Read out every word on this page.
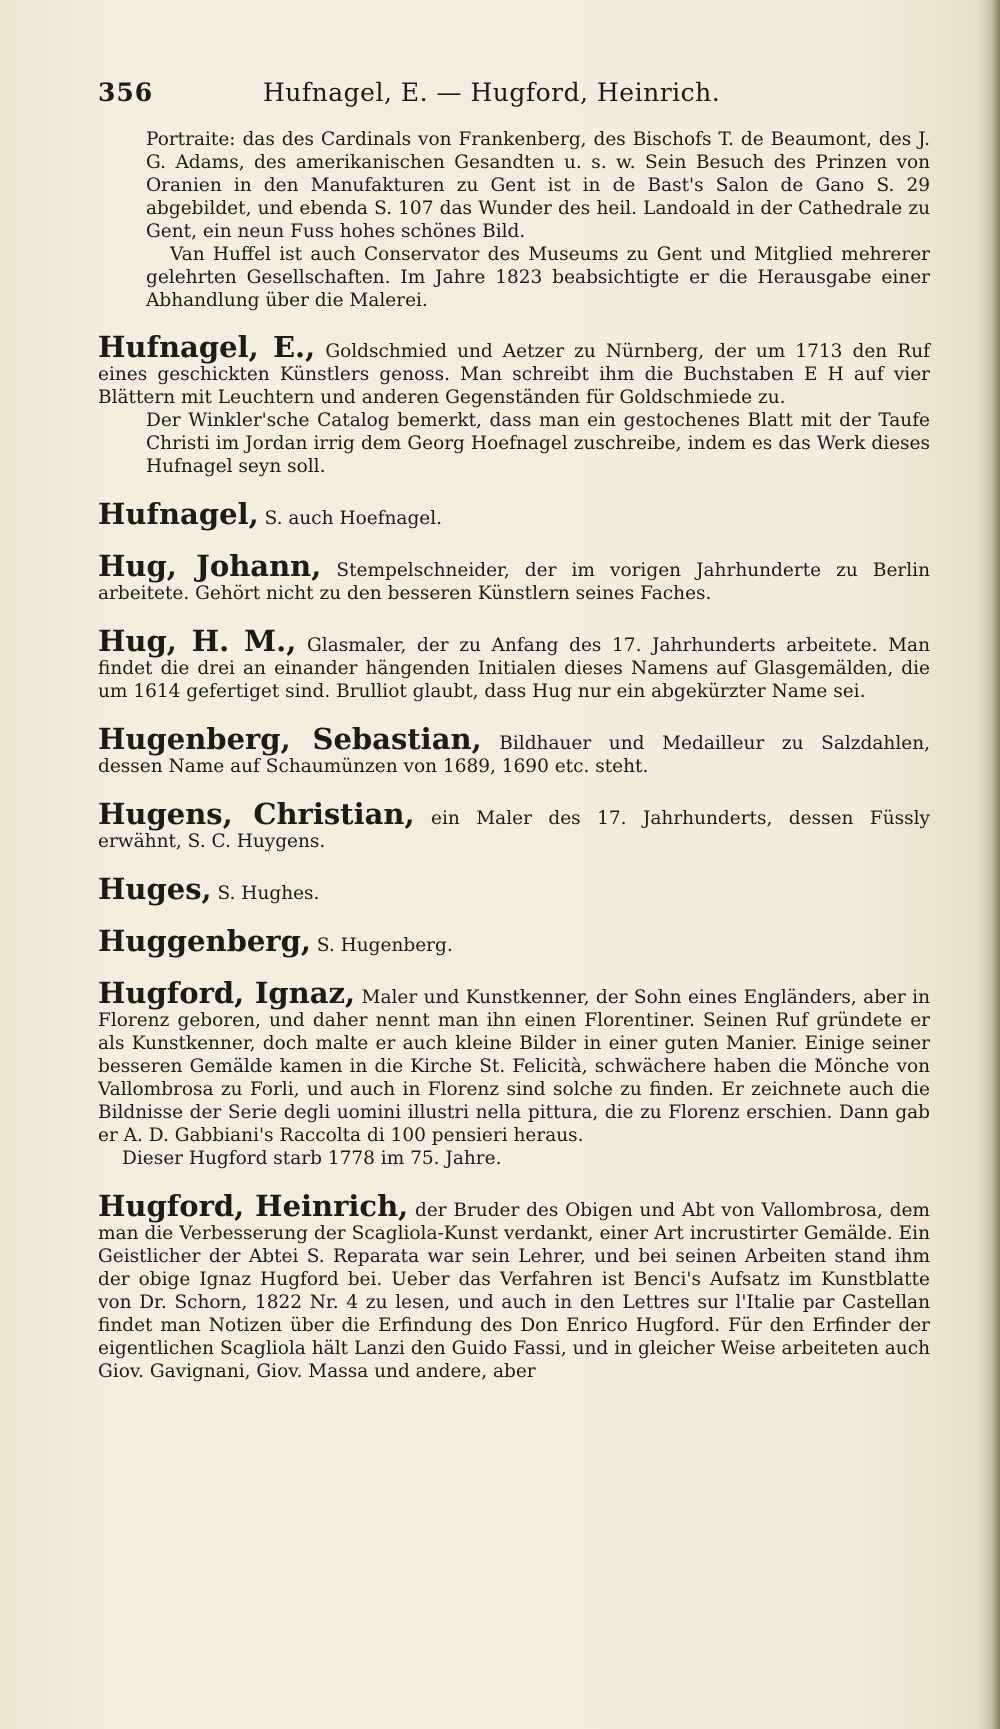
356	Hufnagel, E. — Hugford, Heinrich.

Portraite: das des Cardinals von Frankenberg, des Bischofs T. de Beaumont, des J. G. Adams, des amerikanischen Gesandten u. s. w. Sein Besuch des Prinzen von Oranien in den Manufakturen zu Gent ist in de Bast's Salon de Gano S. 29 abgebildet, und ebenda S. 107 das Wunder des heil. Landoald in der Cathedrale zu Gent, ein neun Fuss hohes schönes Bild.

Van Huffel ist auch Conservator des Museums zu Gent und Mitglied mehrerer gelehrten Gesellschaften. Im Jahre 1823 beabsichtigte er die Herausgabe einer Abhandlung über die Malerei.

Hufnagel, E., Goldschmied und Aetzer zu Nürnberg, der um 1713 den Ruf eines geschickten Künstlers genoss. Man schreibt ihm die Buchstaben E H auf vier Blättern mit Leuchtern und anderen Gegenständen für Goldschmiede zu.

Der Winkler'sche Catalog bemerkt, dass man ein gestochenes Blatt mit der Taufe Christi im Jordan irrig dem Georg Hoefnagel zuschreibe, indem es das Werk dieses Hufnagel seyn soll.

Hufnagel, S. auch Hoefnagel.

Hug, Johann, Stempelschneider, der im vorigen Jahrhunderte zu Berlin arbeitete. Gehört nicht zu den besseren Künstlern seines Faches.

Hug, H. M., Glasmaler, der zu Anfang des 17. Jahrhunderts arbeitete. Man findet die drei an einander hängenden Initialen dieses Namens auf Glasgemälden, die um 1614 gefertiget sind. Brulliot glaubt, dass Hug nur ein abgekürzter Name sei.

Hugenberg, Sebastian, Bildhauer und Medailleur zu Salzdahlen, dessen Name auf Schaumünzen von 1689, 1690 etc. steht.

Hugens, Christian, ein Maler des 17. Jahrhunderts, dessen Füssly erwähnt, S. C. Huygens.

Huges, S. Hughes.

Huggenberg, S. Hugenberg.

Hugford, Ignaz, Maler und Kunstkenner, der Sohn eines Engländers, aber in Florenz geboren, und daher nennt man ihn einen Florentiner. Seinen Ruf gründete er als Kunstkenner, doch malte er auch kleine Bilder in einer guten Manier. Einige seiner besseren Gemälde kamen in die Kirche St. Felicità, schwächere haben die Mönche von Vallombrosa zu Forli, und auch in Florenz sind solche zu finden. Er zeichnete auch die Bildnisse der Serie degli uomini illustri nella pittura, die zu Florenz erschien. Dann gab er A. D. Gabbiani's Raccolta di 100 pensieri heraus.

Dieser Hugford starb 1778 im 75. Jahre.

Hugford, Heinrich, der Bruder des Obigen und Abt von Vallombrosa, dem man die Verbesserung der Scagliola-Kunst verdankt, einer Art incrustirter Gemälde. Ein Geistlicher der Abtei S. Reparata war sein Lehrer, und bei seinen Arbeiten stand ihm der obige Ignaz Hugford bei. Ueber das Verfahren ist Benci's Aufsatz im Kunstblatte von Dr. Schorn, 1822 Nr. 4 zu lesen, und auch in den Lettres sur l'Italie par Castellan findet man Notizen über die Erfindung des Don Enrico Hugford. Für den Erfinder der eigentlichen Scagliola hält Lanzi den Guido Fassi, und in gleicher Weise arbeiteten auch Giov. Gavignani, Giov. Massa und andere, aber
